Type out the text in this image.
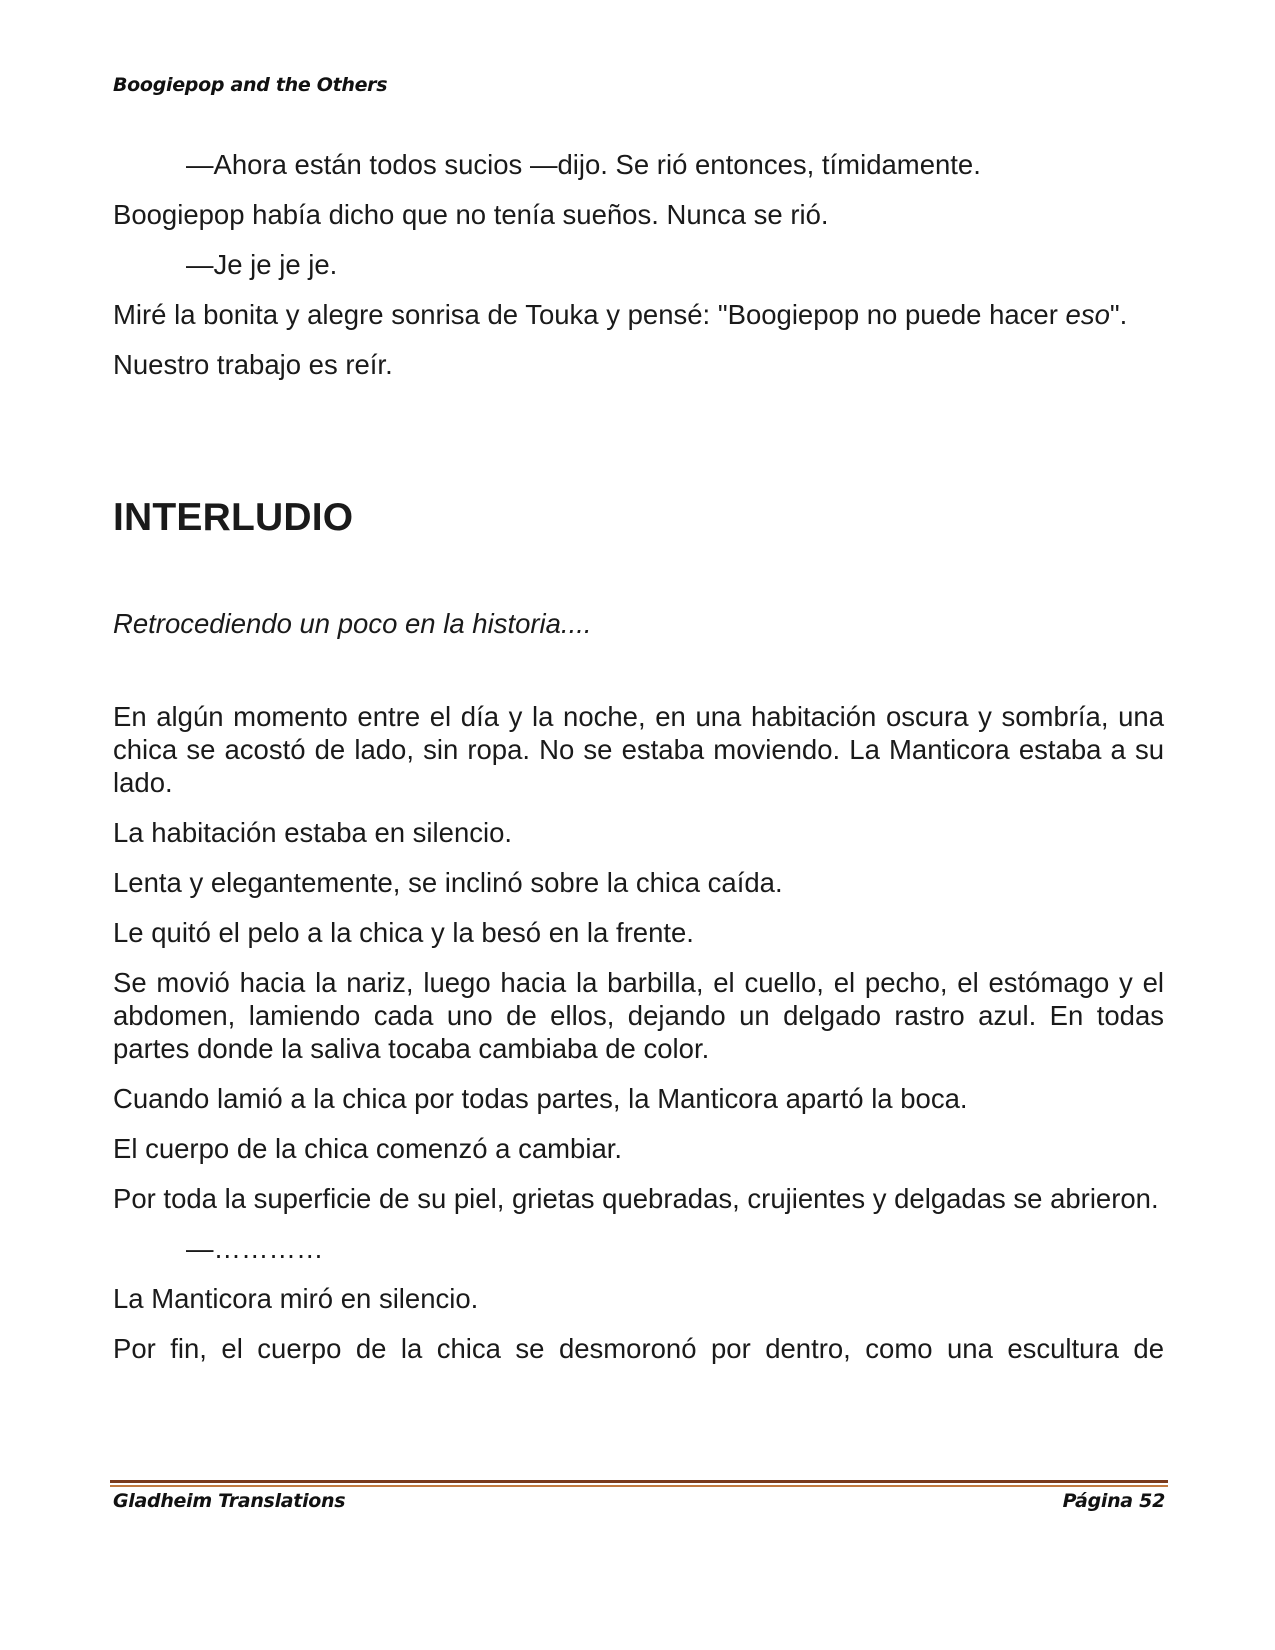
Boogiepop and the Others

—Ahora están todos sucios —dijo. Se rió entonces, tímidamente.

Boogiepop había dicho que no tenía sueños. Nunca se rió.

—Je je je je.

Miré la bonita y alegre sonrisa de Touka y pensé: "Boogiepop no puede hacer eso".

Nuestro trabajo es reír.

INTERLUDIO

Retrocediendo un poco en la historia....

En algún momento entre el día y la noche, en una habitación oscura y sombría, una chica se acostó de lado, sin ropa. No se estaba moviendo. La Manticora estaba a su lado.

La habitación estaba en silencio.

Lenta y elegantemente, se inclinó sobre la chica caída.

Le quitó el pelo a la chica y la besó en la frente.

Se movió hacia la nariz, luego hacia la barbilla, el cuello, el pecho, el estómago y el abdomen, lamiendo cada uno de ellos, dejando un delgado rastro azul. En todas partes donde la saliva tocaba cambiaba de color.

Cuando lamió a la chica por todas partes, la Manticora apartó la boca.

El cuerpo de la chica comenzó a cambiar.

Por toda la superficie de su piel, grietas quebradas, crujientes y delgadas se abrieron.

—…………

La Manticora miró en silencio.

Por fin, el cuerpo de la chica se desmoronó por dentro, como una escultura de

Gladheim Translations	Página 52
